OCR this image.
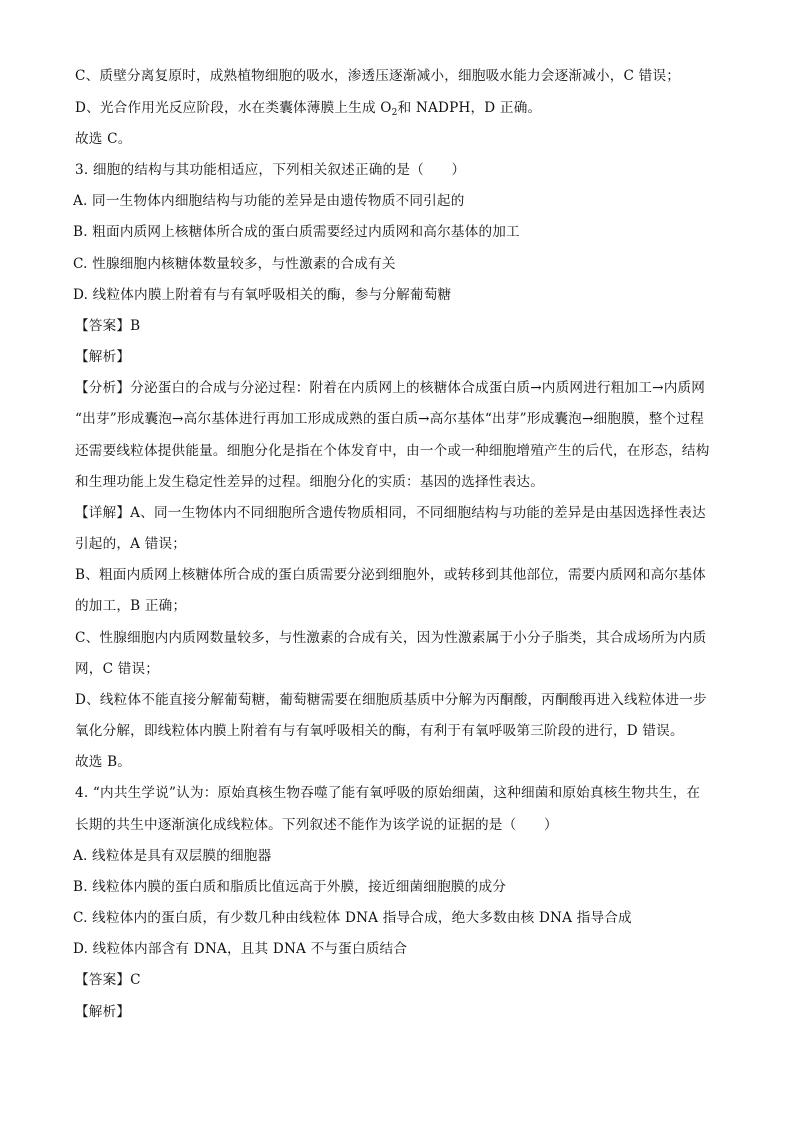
C、质壁分离复原时，成熟植物细胞的吸水，渗透压逐渐减小，细胞吸水能力会逐渐减小，C 错误；
D、光合作用光反应阶段，水在类囊体薄膜上生成 $O_2$和 NADPH，D 正确。
故选 C。
3. 细胞的结构与其功能相适应，下列相关叙述正确的是（　　）
A. 同一生物体内细胞结构与功能的差异是由遗传物质不同引起的
B. 粗面内质网上核糖体所合成的蛋白质需要经过内质网和高尔基体的加工
C. 性腺细胞内核糖体数量较多，与性激素的合成有关
D. 线粒体内膜上附着有与有氧呼吸相关的酶，参与分解葡萄糖
【答案】B
【解析】
【分析】分泌蛋白的合成与分泌过程：附着在内质网上的核糖体合成蛋白质→内质网进行粗加工→内质网
“出芽”形成囊泡→高尔基体进行再加工形成成熟的蛋白质→高尔基体“出芽”形成囊泡→细胞膜，整个过程
还需要线粒体提供能量。细胞分化是指在个体发育中，由一个或一种细胞增殖产生的后代，在形态，结构
和生理功能上发生稳定性差异的过程。细胞分化的实质：基因的选择性表达。
【详解】A、同一生物体内不同细胞所含遗传物质相同，不同细胞结构与功能的差异是由基因选择性表达
引起的，A 错误；
B、粗面内质网上核糖体所合成的蛋白质需要分泌到细胞外，或转移到其他部位，需要内质网和高尔基体
的加工，B 正确；
C、性腺细胞内内质网数量较多，与性激素的合成有关，因为性激素属于小分子脂类，其合成场所为内质
网，C 错误；
D、线粒体不能直接分解葡萄糖，葡萄糖需要在细胞质基质中分解为丙酮酸，丙酮酸再进入线粒体进一步
氧化分解，即线粒体内膜上附着有与有氧呼吸相关的酶，有利于有氧呼吸第三阶段的进行，D 错误。
故选 B。
4. “内共生学说”认为：原始真核生物吞噬了能有氧呼吸的原始细菌，这种细菌和原始真核生物共生，在
长期的共生中逐渐演化成线粒体。下列叙述不能作为该学说的证据的是（　　）
A. 线粒体是具有双层膜的细胞器
B. 线粒体内膜的蛋白质和脂质比值远高于外膜，接近细菌细胞膜的成分
C. 线粒体内的蛋白质，有少数几种由线粒体 DNA 指导合成，绝大多数由核 DNA 指导合成
D. 线粒体内部含有 DNA，且其 DNA 不与蛋白质结合
【答案】C
【解析】
